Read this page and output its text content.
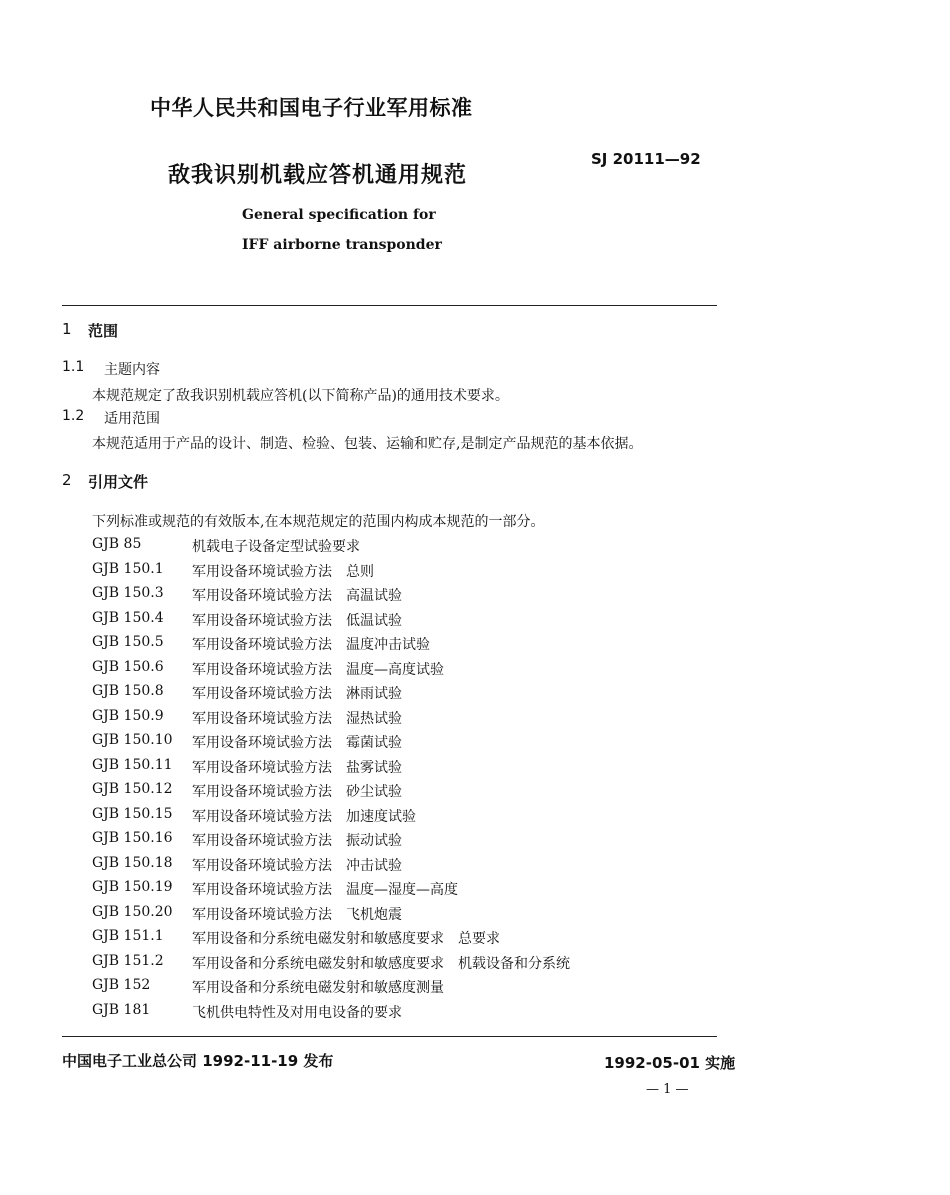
中华人民共和国电子行业军用标准
敌我识别机载应答机通用规范
SJ 20111—92
General specification for
IFF airborne transponder
1 范围
1.1 主题内容
本规范规定了敌我识别机载应答机(以下简称产品)的通用技术要求。
1.2 适用范围
本规范适用于产品的设计、制造、检验、包装、运输和贮存,是制定产品规范的基本依据。
2 引用文件
下列标准或规范的有效版本,在本规范规定的范围内构成本规范的一部分。
GJB 85	机载电子设备定型试验要求
GJB 150.1 军用设备环境试验方法　总则
GJB 150.3 军用设备环境试验方法　高温试验
GJB 150.4 军用设备环境试验方法　低温试验
GJB 150.5 军用设备环境试验方法　温度冲击试验
GJB 150.6 军用设备环境试验方法　温度—高度试验
GJB 150.8 军用设备环境试验方法　淋雨试验
GJB 150.9 军用设备环境试验方法　湿热试验
GJB 150.10 军用设备环境试验方法　霉菌试验
GJB 150.11 军用设备环境试验方法　盐雾试验
GJB 150.12 军用设备环境试验方法　砂尘试验
GJB 150.15 军用设备环境试验方法　加速度试验
GJB 150.16 军用设备环境试验方法　振动试验
GJB 150.18 军用设备环境试验方法　冲击试验
GJB 150.19 军用设备环境试验方法　温度—湿度—高度
GJB 150.20 军用设备环境试验方法　飞机炮震
GJB 151.1 军用设备和分系统电磁发射和敏感度要求　总要求
GJB 151.2 军用设备和分系统电磁发射和敏感度要求　机载设备和分系统
GJB 152	军用设备和分系统电磁发射和敏感度测量
GJB 181	飞机供电特性及对用电设备的要求
中国电子工业总公司 1992-11-19 发布	1992-05-01 实施
— 1 —
